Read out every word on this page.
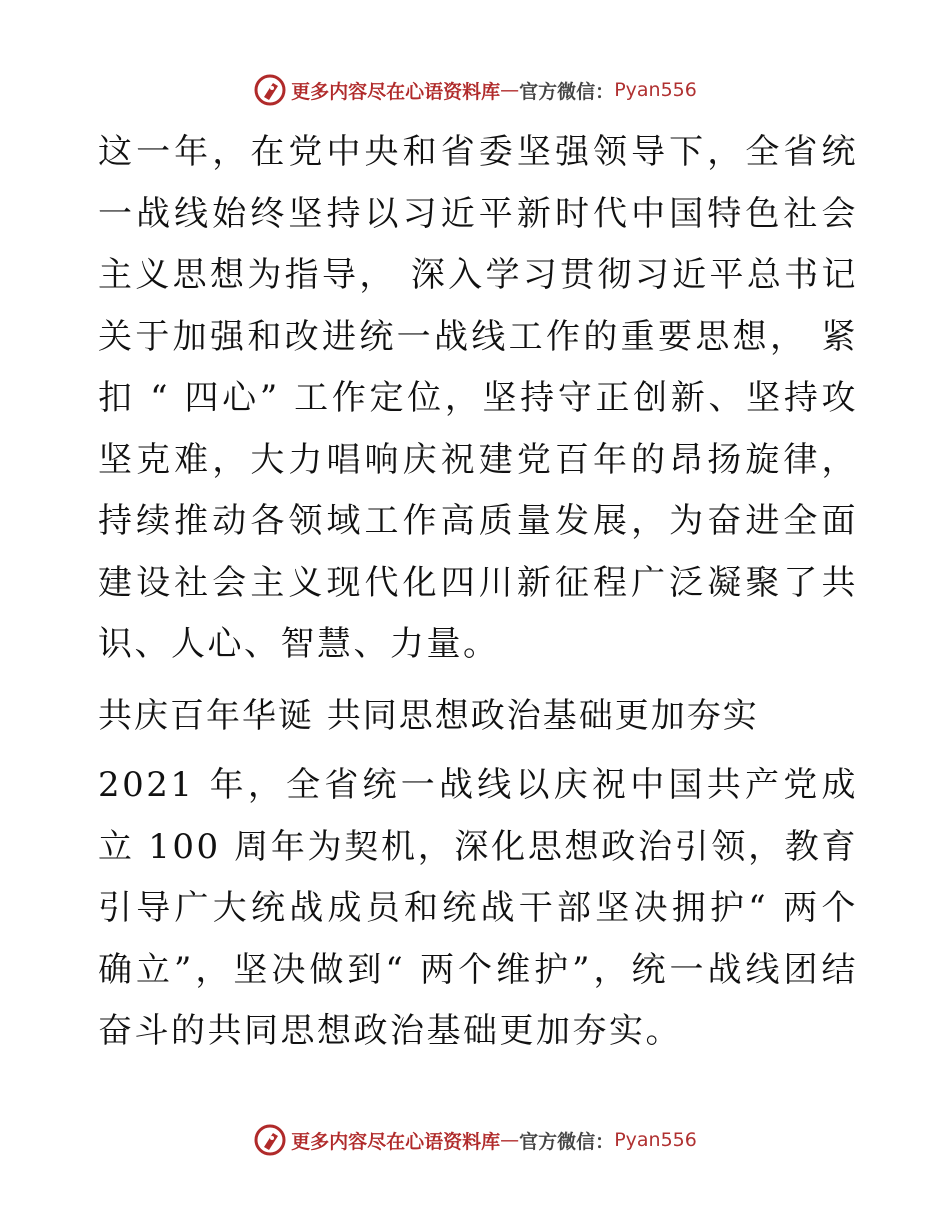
更多内容尽在心语资料库 — 官方微信： Pyan556

这一年，在党中央和省委坚强领导下，全省统一战线始终坚持以习近平新时代中国特色社会主义思想为指导， 深入学习贯彻习近平总书记关于加强和改进统一战线工作的重要思想， 紧扣 “ 四心” 工作定位，坚持守正创新、坚持攻坚克难，大力唱响庆祝建党百年的昂扬旋律，持续推动各领域工作高质量发展，为奋进全面建设社会主义现代化四川新征程广泛凝聚了共识、人心、智慧、力量。

共庆百年华诞 共同思想政治基础更加夯实

2021 年，全省统一战线以庆祝中国共产党成立 100 周年为契机，深化思想政治引领，教育引导广大统战成员和统战干部坚决拥护“ 两个确立”，坚决做到“ 两个维护”，统一战线团结奋斗的共同思想政治基础更加夯实。

更多内容尽在心语资料库 — 官方微信： Pyan556
